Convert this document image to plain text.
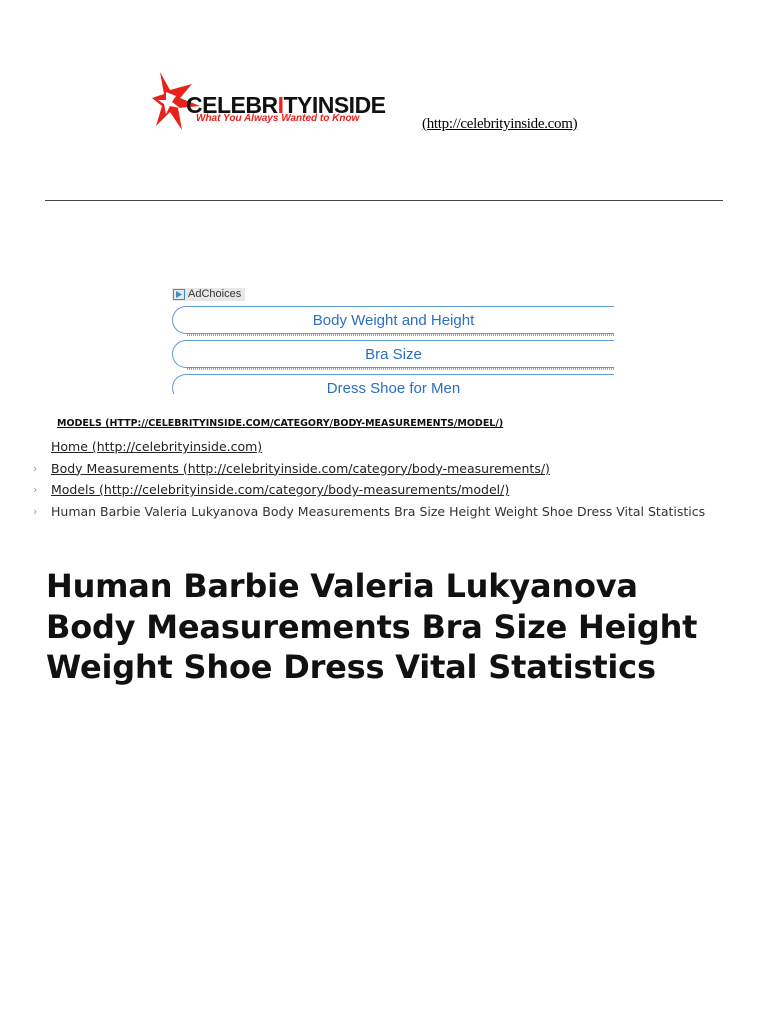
CELEBRITYINSIDE
What You Always Wanted to Know	(http://celebrityinside.com)
AdChoices
Body Weight and Height
Bra Size
Dress Shoe for Men
MODELS (HTTP://CELEBRITYINSIDE.COM/CATEGORY/BODY-MEASUREMENTS/MODEL/)
Home (http://celebrityinside.com)
› Body Measurements (http://celebrityinside.com/category/body-measurements/)
› Models (http://celebrityinside.com/category/body-measurements/model/)
› Human Barbie Valeria Lukyanova Body Measurements Bra Size Height Weight Shoe Dress Vital Statistics
Human Barbie Valeria Lukyanova Body Measurements Bra Size Height Weight Shoe Dress Vital Statistics
